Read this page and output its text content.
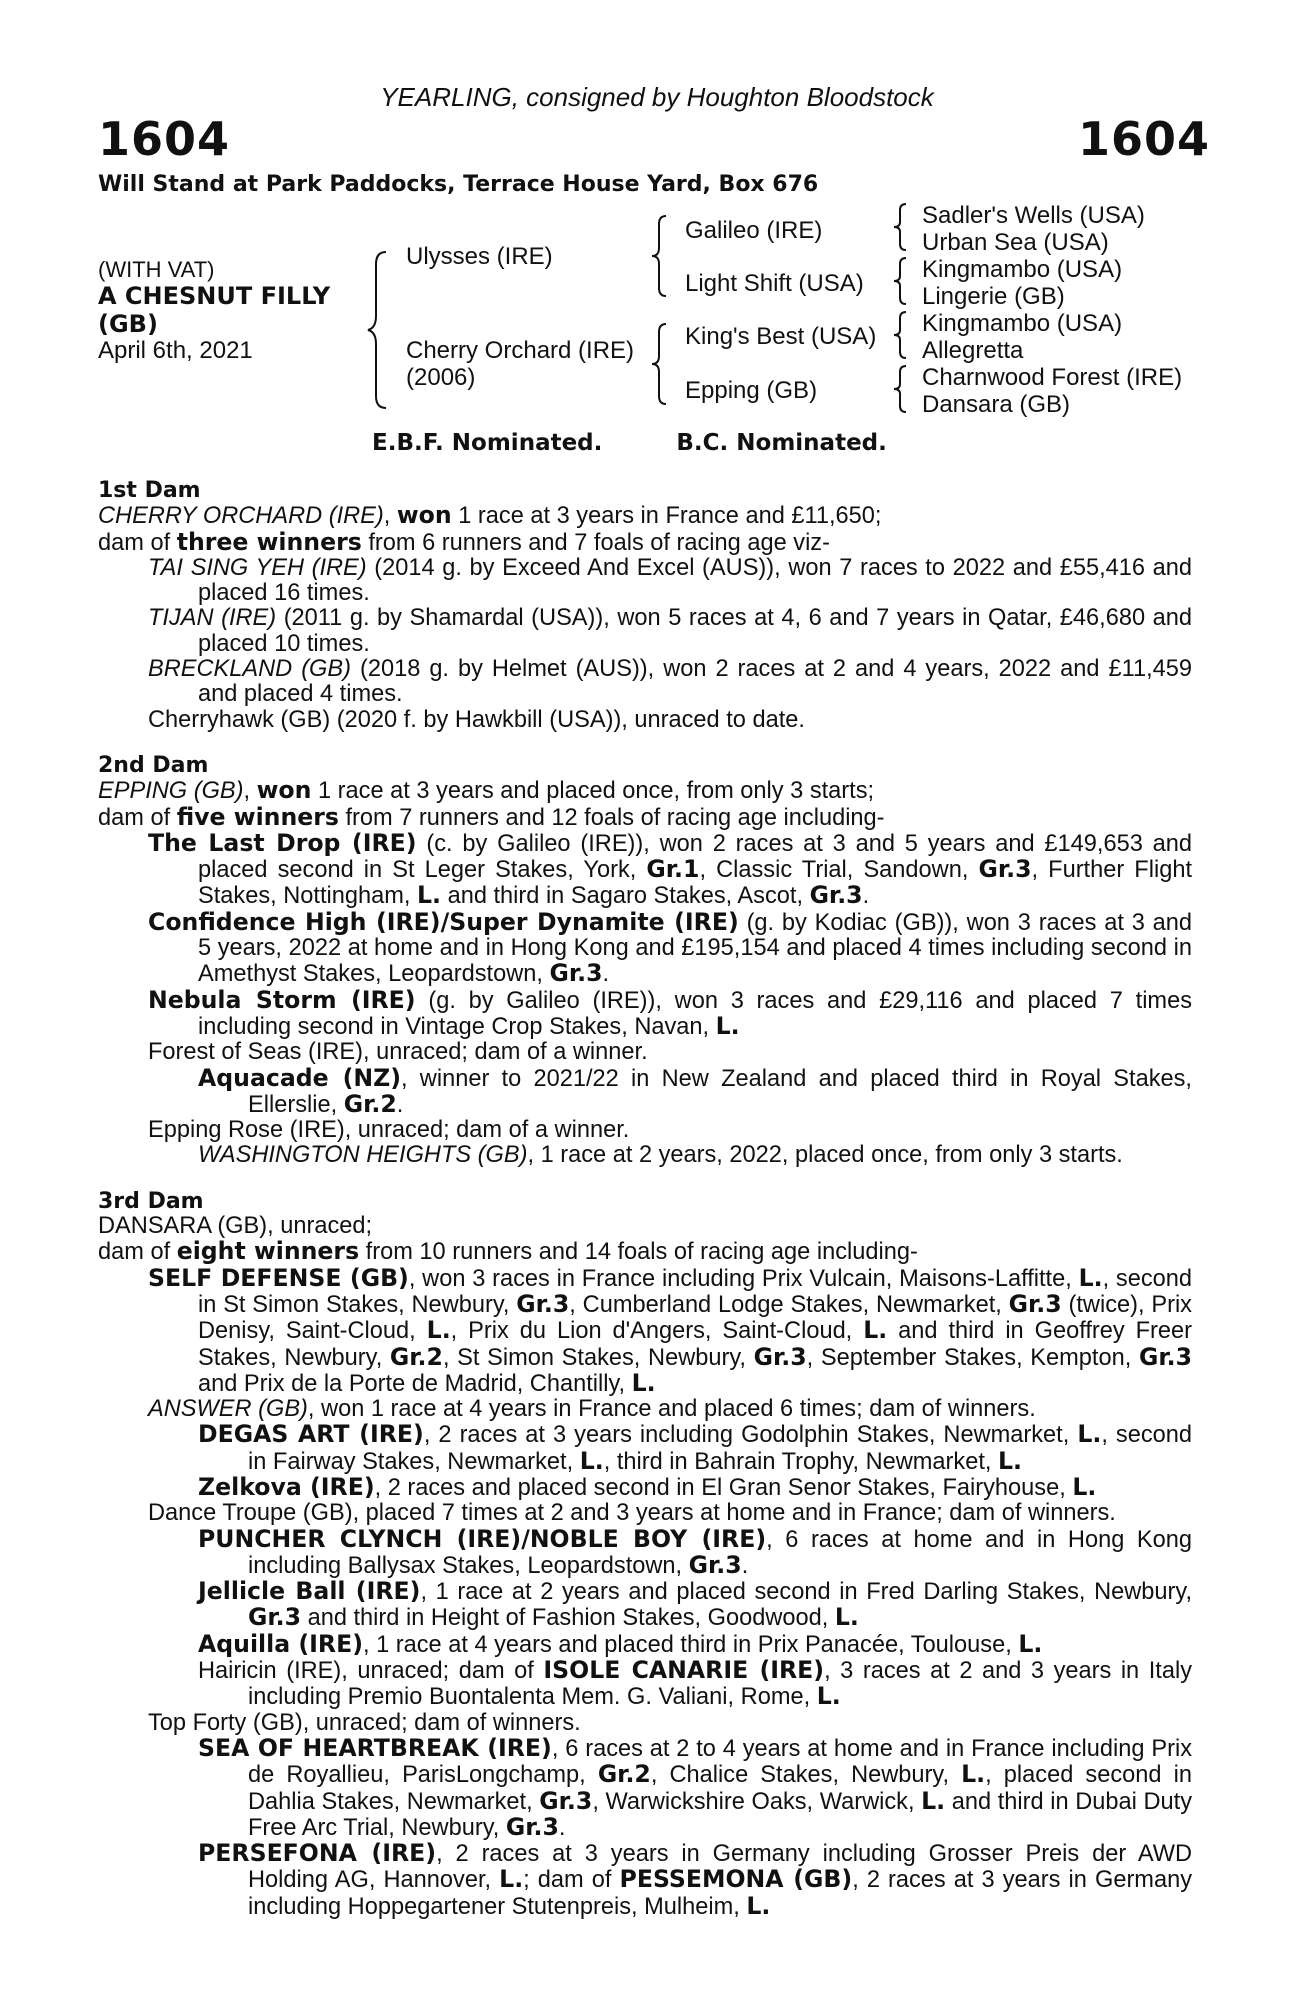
YEARLING, consigned by Houghton Bloodstock
1604	1604
Will Stand at Park Paddocks, Terrace House Yard, Box 676
(WITH VAT)
A CHESNUT FILLY
(GB)
April 6th, 2021
Ulysses (IRE)
Cherry Orchard (IRE)
(2006)
Galileo (IRE)
Light Shift (USA)
King's Best (USA)
Epping (GB)
Sadler's Wells (USA)
Urban Sea (USA)
Kingmambo (USA)
Lingerie (GB)
Kingmambo (USA)
Allegretta
Charnwood Forest (IRE)
Dansara (GB)
E.B.F. Nominated.	B.C. Nominated.
1st Dam
CHERRY ORCHARD (IRE), won 1 race at 3 years in France and £11,650;
dam of three winners from 6 runners and 7 foals of racing age viz-
TAI SING YEH (IRE) (2014 g. by Exceed And Excel (AUS)), won 7 races to 2022 and £55,416 and placed 16 times.
TIJAN (IRE) (2011 g. by Shamardal (USA)), won 5 races at 4, 6 and 7 years in Qatar, £46,680 and placed 10 times.
BRECKLAND (GB) (2018 g. by Helmet (AUS)), won 2 races at 2 and 4 years, 2022 and £11,459 and placed 4 times.
Cherryhawk (GB) (2020 f. by Hawkbill (USA)), unraced to date.
2nd Dam
EPPING (GB), won 1 race at 3 years and placed once, from only 3 starts;
dam of five winners from 7 runners and 12 foals of racing age including-
The Last Drop (IRE) (c. by Galileo (IRE)), won 2 races at 3 and 5 years and £149,653 and placed second in St Leger Stakes, York, Gr.1, Classic Trial, Sandown, Gr.3, Further Flight Stakes, Nottingham, L. and third in Sagaro Stakes, Ascot, Gr.3.
Confidence High (IRE)/Super Dynamite (IRE) (g. by Kodiac (GB)), won 3 races at 3 and 5 years, 2022 at home and in Hong Kong and £195,154 and placed 4 times including second in Amethyst Stakes, Leopardstown, Gr.3.
Nebula Storm (IRE) (g. by Galileo (IRE)), won 3 races and £29,116 and placed 7 times including second in Vintage Crop Stakes, Navan, L.
Forest of Seas (IRE), unraced; dam of a winner.
Aquacade (NZ), winner to 2021/22 in New Zealand and placed third in Royal Stakes, Ellerslie, Gr.2.
Epping Rose (IRE), unraced; dam of a winner.
WASHINGTON HEIGHTS (GB), 1 race at 2 years, 2022, placed once, from only 3 starts.
3rd Dam
DANSARA (GB), unraced;
dam of eight winners from 10 runners and 14 foals of racing age including-
SELF DEFENSE (GB), won 3 races in France including Prix Vulcain, Maisons-Laffitte, L., second in St Simon Stakes, Newbury, Gr.3, Cumberland Lodge Stakes, Newmarket, Gr.3 (twice), Prix Denisy, Saint-Cloud, L., Prix du Lion d'Angers, Saint-Cloud, L. and third in Geoffrey Freer Stakes, Newbury, Gr.2, St Simon Stakes, Newbury, Gr.3, September Stakes, Kempton, Gr.3 and Prix de la Porte de Madrid, Chantilly, L.
ANSWER (GB), won 1 race at 4 years in France and placed 6 times; dam of winners.
DEGAS ART (IRE), 2 races at 3 years including Godolphin Stakes, Newmarket, L., second in Fairway Stakes, Newmarket, L., third in Bahrain Trophy, Newmarket, L.
Zelkova (IRE), 2 races and placed second in El Gran Senor Stakes, Fairyhouse, L.
Dance Troupe (GB), placed 7 times at 2 and 3 years at home and in France; dam of winners.
PUNCHER CLYNCH (IRE)/NOBLE BOY (IRE), 6 races at home and in Hong Kong including Ballysax Stakes, Leopardstown, Gr.3.
Jellicle Ball (IRE), 1 race at 2 years and placed second in Fred Darling Stakes, Newbury, Gr.3 and third in Height of Fashion Stakes, Goodwood, L.
Aquilla (IRE), 1 race at 4 years and placed third in Prix Panacée, Toulouse, L.
Hairicin (IRE), unraced; dam of ISOLE CANARIE (IRE), 3 races at 2 and 3 years in Italy including Premio Buontalenta Mem. G. Valiani, Rome, L.
Top Forty (GB), unraced; dam of winners.
SEA OF HEARTBREAK (IRE), 6 races at 2 to 4 years at home and in France including Prix de Royallieu, ParisLongchamp, Gr.2, Chalice Stakes, Newbury, L., placed second in Dahlia Stakes, Newmarket, Gr.3, Warwickshire Oaks, Warwick, L. and third in Dubai Duty Free Arc Trial, Newbury, Gr.3.
PERSEFONA (IRE), 2 races at 3 years in Germany including Grosser Preis der AWD Holding AG, Hannover, L.; dam of PESSEMONA (GB), 2 races at 3 years in Germany including Hoppegartener Stutenpreis, Mulheim, L.
